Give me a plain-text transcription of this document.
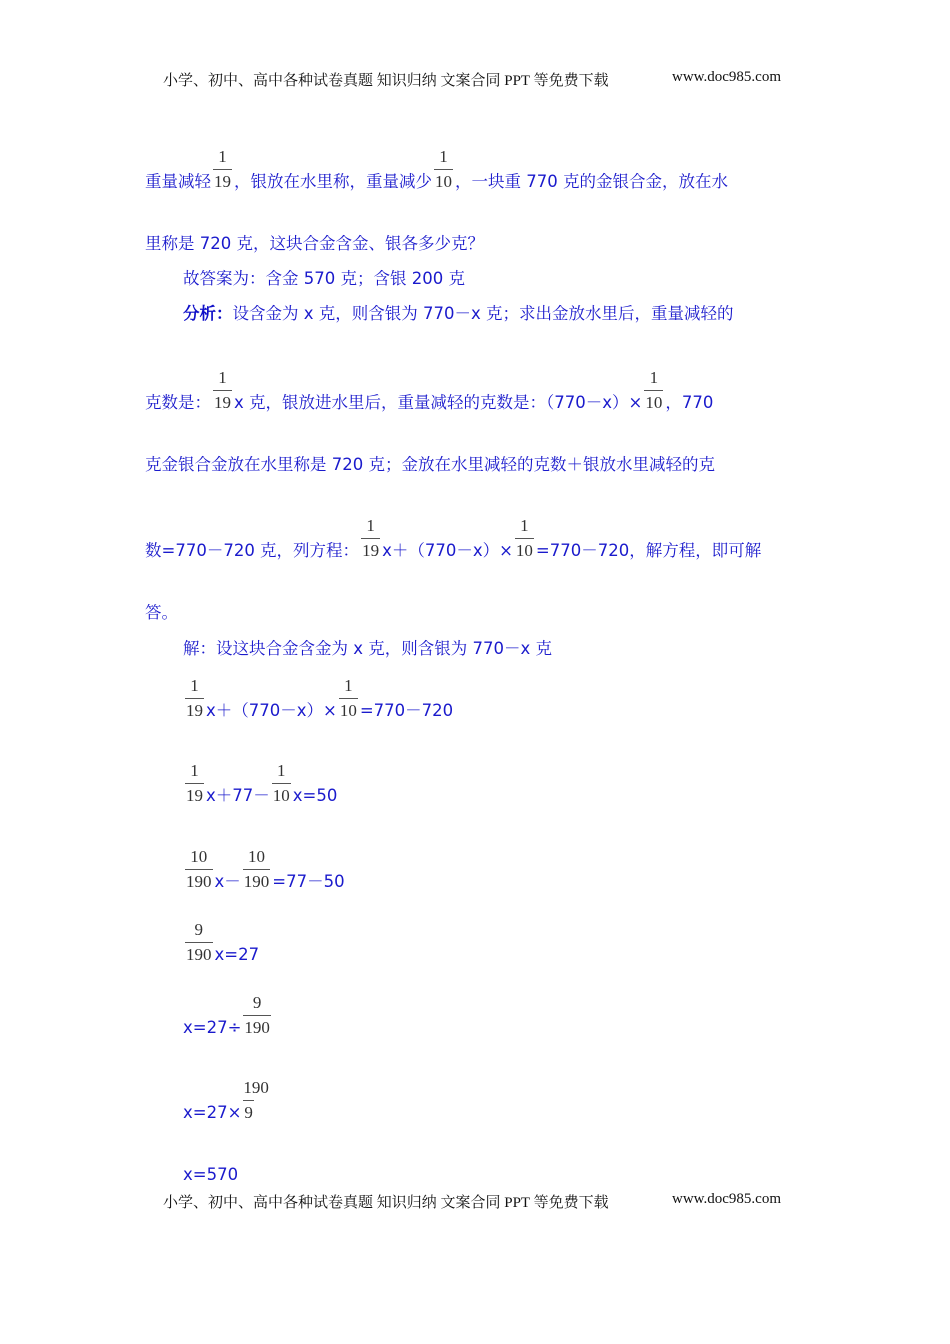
小学、初中、高中各种试卷真题 知识归纳 文案合同 PPT 等免费下载	www.doc985.com
重量减轻 $\frac{1}{19}$ ，银放在水里称，重量减少 $\frac{1}{10}$ ，一块重 770 克的金银合金，放在水
里称是 720 克，这块合金含金、银各多少克？
故答案为：含金 570 克；含银 200 克
分析：设含金为 x 克，则含银为 770－x 克；求出金放水里后，重量减轻的
克数是： $\frac{1}{19}$ x 克，银放进水里后，重量减轻的克数是：$(770-x)\times \frac{1}{10}$ ，770
克金银合金放在水里称是 720 克；金放在水里减轻的克数＋银放水里减轻的克
数=770－720 克，列方程： $\frac{1}{19} x+(770-x)\times \frac{1}{10} =770-720$，解方程，即可解
答。
解：设这块合金含金为 x 克，则含银为 770－x 克
$\frac{1}{19} x+(770-x)\times \frac{1}{10} =770-720$
$\frac{1}{19} x+77- \frac{1}{10} x=50$
$\frac{10}{190} x- \frac{10}{190} =77-50$
$\frac{9}{190} x=27$
$x=27\div \frac{9}{190}$
$x=27\times \frac{190}{9}$
x=570
小学、初中、高中各种试卷真题 知识归纳 文案合同 PPT 等免费下载	www.doc985.com
